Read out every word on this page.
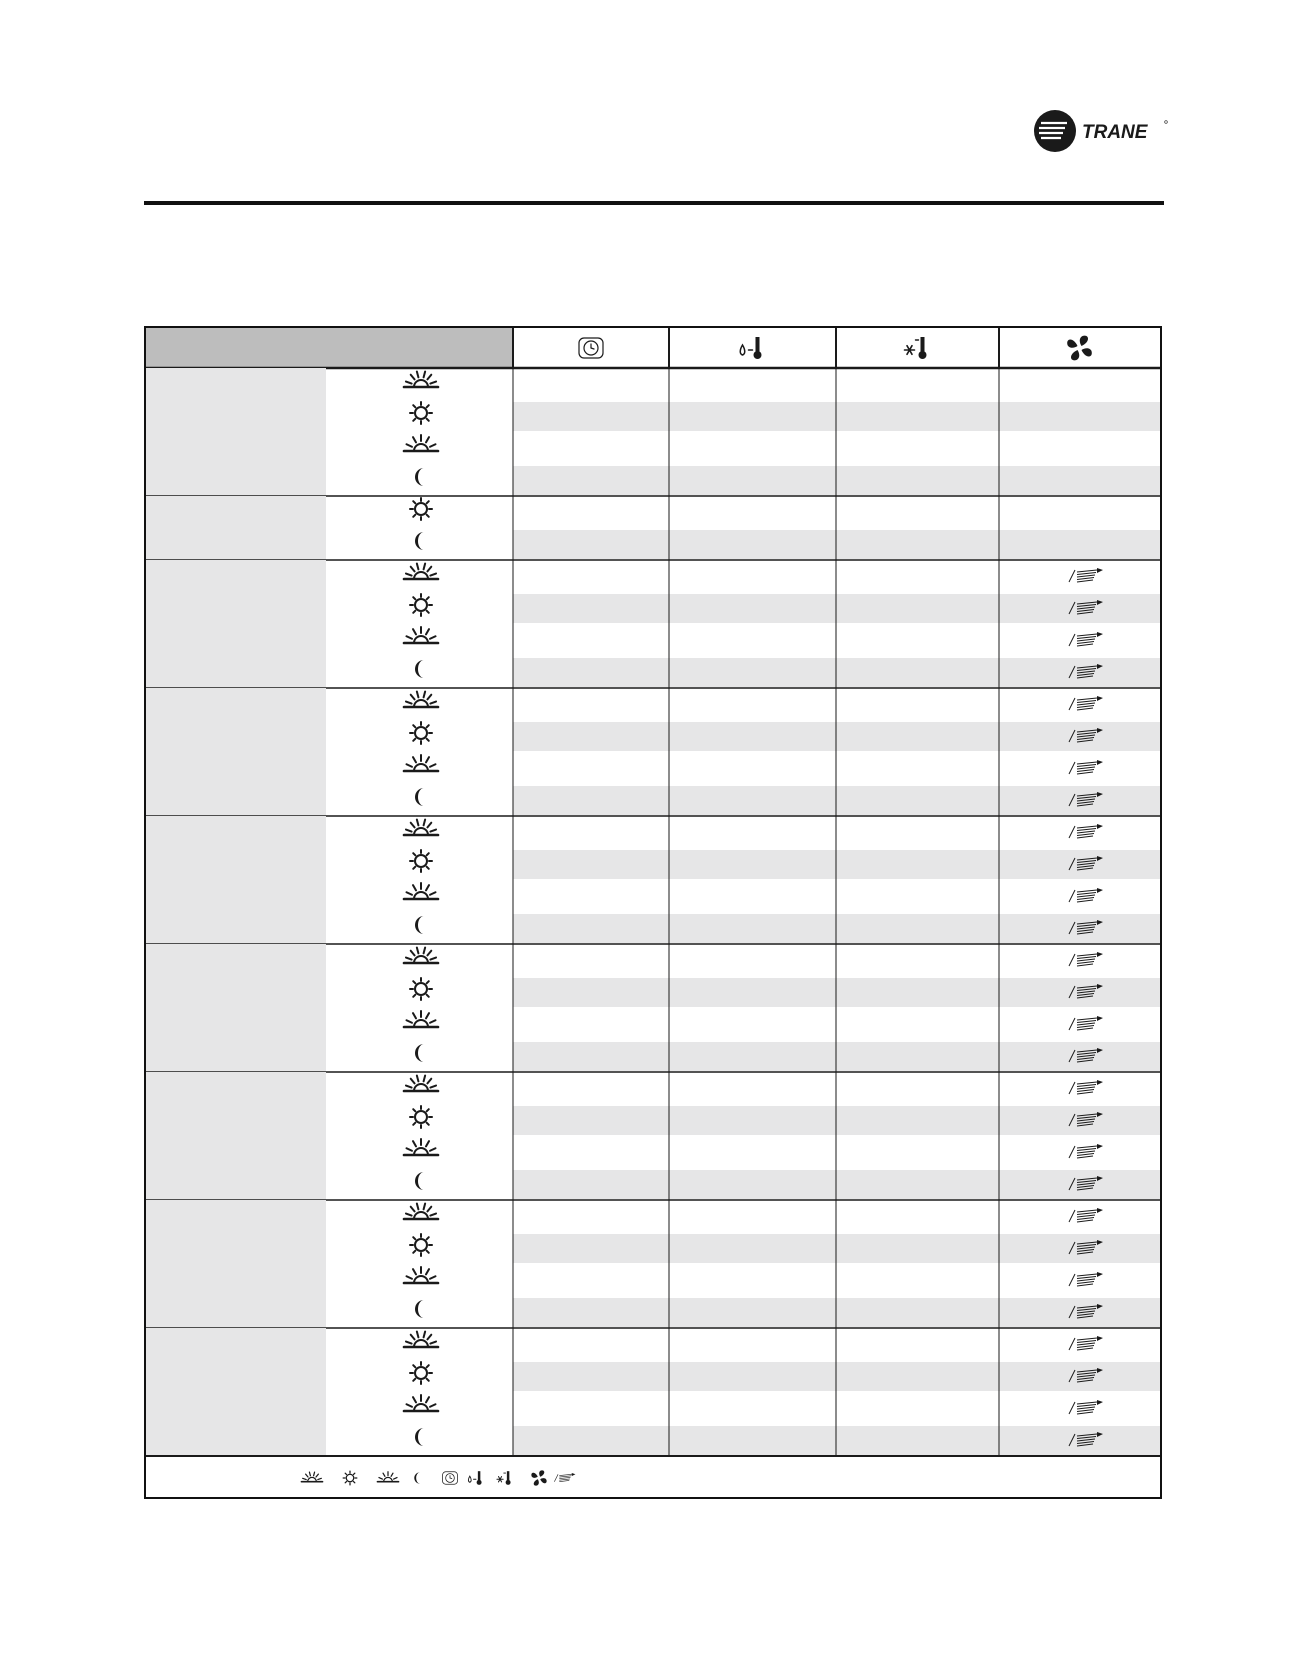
TRANE
